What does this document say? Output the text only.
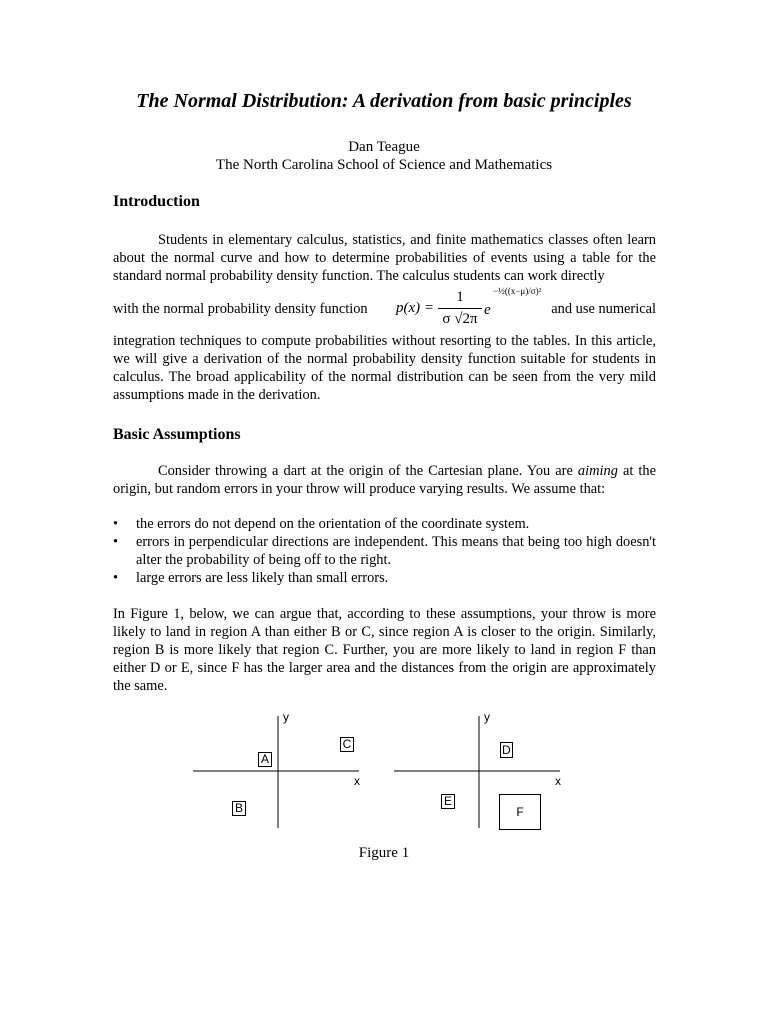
The Normal Distribution: A derivation from basic principles
Dan Teague
The North Carolina School of Science and Mathematics
Introduction
Students in elementary calculus, statistics, and finite mathematics classes often learn about the normal curve and how to determine probabilities of events using a table for the standard normal probability density function. The calculus students can work directly
with the normal probability density function p(x) =
1
σ √2π
e
−½((x−μ)/σ)²
and use numerical
integration techniques to compute probabilities without resorting to the tables. In this article, we will give a derivation of the normal probability density function suitable for students in calculus. The broad applicability of the normal distribution can be seen from the very mild assumptions made in the derivation.
Basic Assumptions
Consider throwing a dart at the origin of the Cartesian plane. You are aiming at the origin, but random errors in your throw will produce varying results. We assume that:
• the errors do not depend on the orientation of the coordinate system.
• errors in perpendicular directions are independent. This means that being too high doesn't alter the probability of being off to the right.
• large errors are less likely than small errors.
In Figure 1, below, we can argue that, according to these assumptions, your throw is more likely to land in region A than either B or C, since region A is closer to the origin. Similarly, region B is more likely that region C. Further, you are more likely to land in region F than either D or E, since F has the larger area and the distances from the origin are approximately the same.
y
x
A
B
C
y
x
D
E
F
Figure 1
